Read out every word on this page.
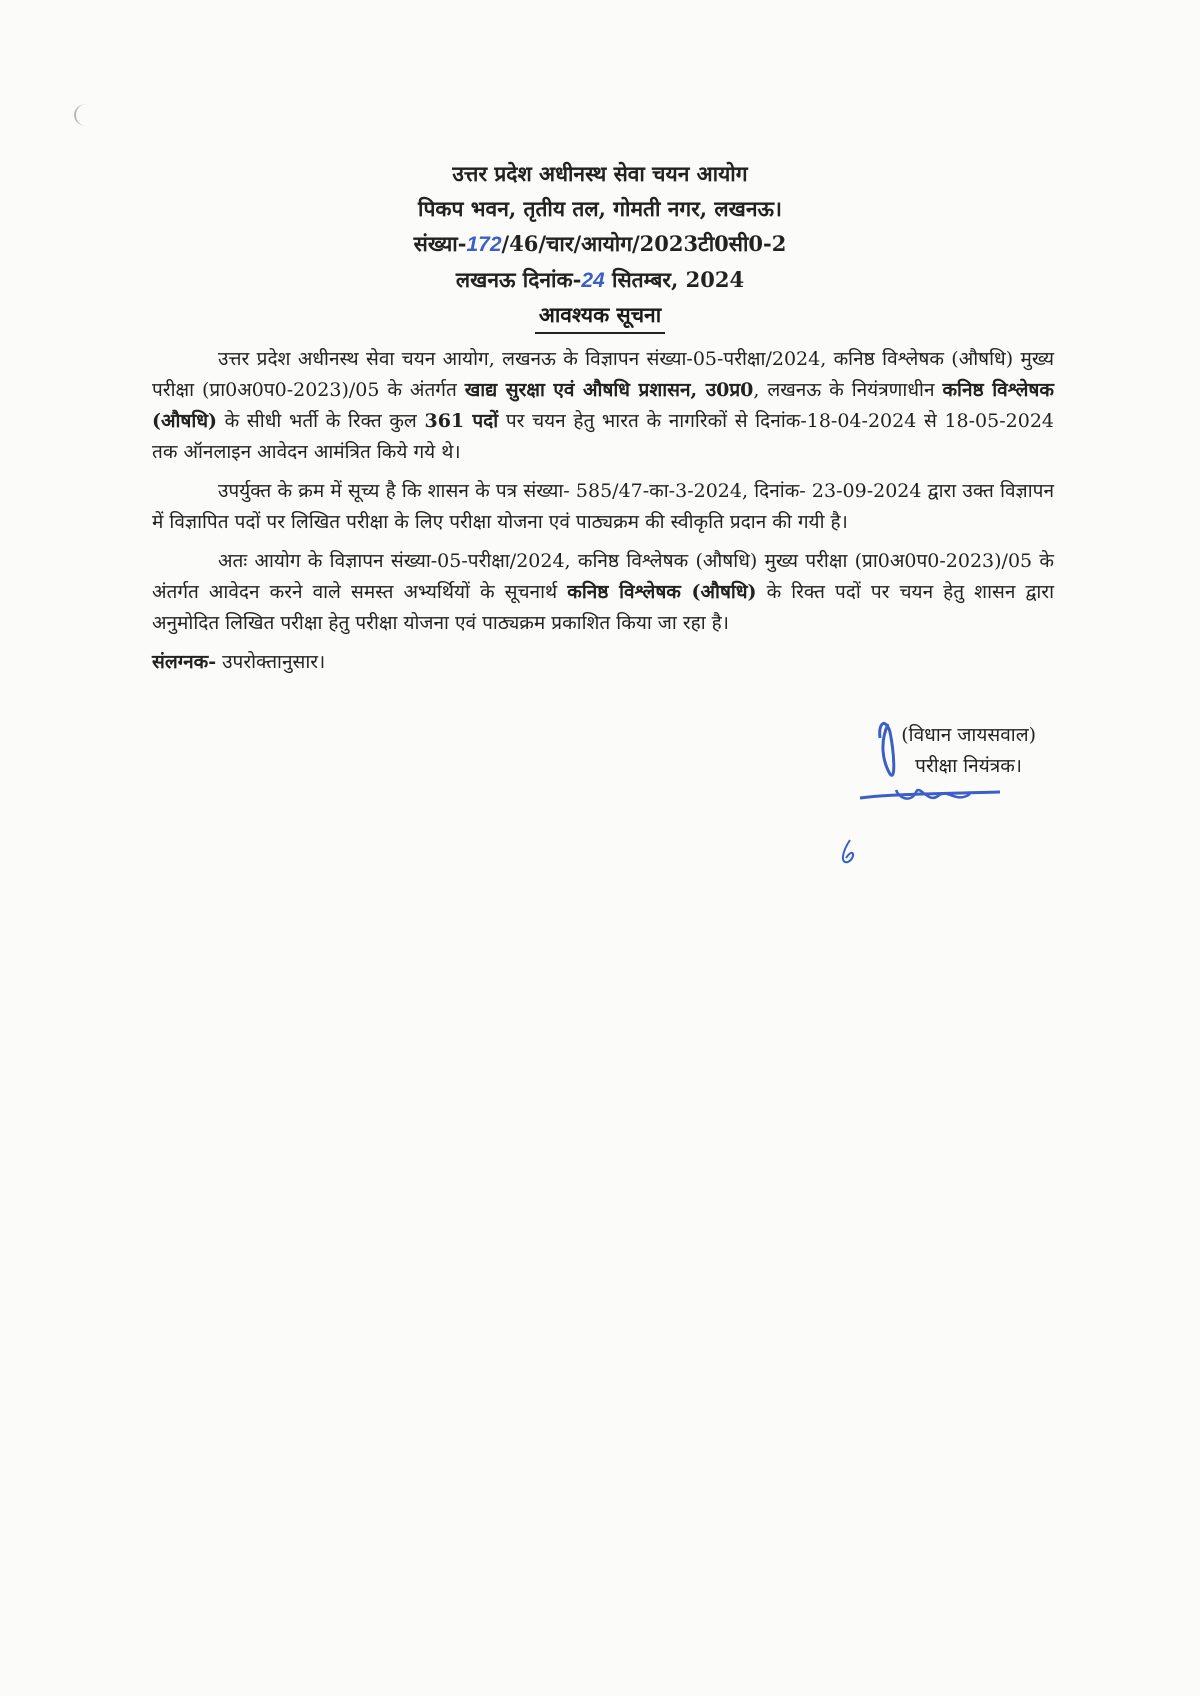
उत्तर प्रदेश अधीनस्थ सेवा चयन आयोग
पिकप भवन, तृतीय तल, गोमती नगर, लखनऊ।
संख्या-172/46/चार/आयोग/2023टी0सी0-2
लखनऊ दिनांक-24 सितम्बर, 2024
आवश्यक सूचना

उत्तर प्रदेश अधीनस्थ सेवा चयन आयोग, लखनऊ के विज्ञापन संख्या-05-परीक्षा/2024, कनिष्ठ विश्लेषक (औषधि) मुख्य परीक्षा (प्रा0अ0प0-2023)/05 के अंतर्गत खाद्य सुरक्षा एवं औषधि प्रशासन, उ0प्र0, लखनऊ के नियंत्रणाधीन कनिष्ठ विश्लेषक (औषधि) के सीधी भर्ती के रिक्त कुल 361 पदों पर चयन हेतु भारत के नागरिकों से दिनांक-18-04-2024 से 18-05-2024 तक ऑनलाइन आवेदन आमंत्रित किये गये थे।

उपर्युक्त के क्रम में सूच्य है कि शासन के पत्र संख्या- 585/47-का-3-2024, दिनांक- 23-09-2024 द्वारा उक्त विज्ञापन में विज्ञापित पदों पर लिखित परीक्षा के लिए परीक्षा योजना एवं पाठ्यक्रम की स्वीकृति प्रदान की गयी है।

अतः आयोग के विज्ञापन संख्या-05-परीक्षा/2024, कनिष्ठ विश्लेषक (औषधि) मुख्य परीक्षा (प्रा0अ0प0-2023)/05 के अंतर्गत आवेदन करने वाले समस्त अभ्यर्थियों के सूचनार्थ कनिष्ठ विश्लेषक (औषधि) के रिक्त पदों पर चयन हेतु शासन द्वारा अनुमोदित लिखित परीक्षा हेतु परीक्षा योजना एवं पाठ्यक्रम प्रकाशित किया जा रहा है।

संलग्नक- उपरोक्तानुसार।

(विधान जायसवाल)
परीक्षा नियंत्रक।
